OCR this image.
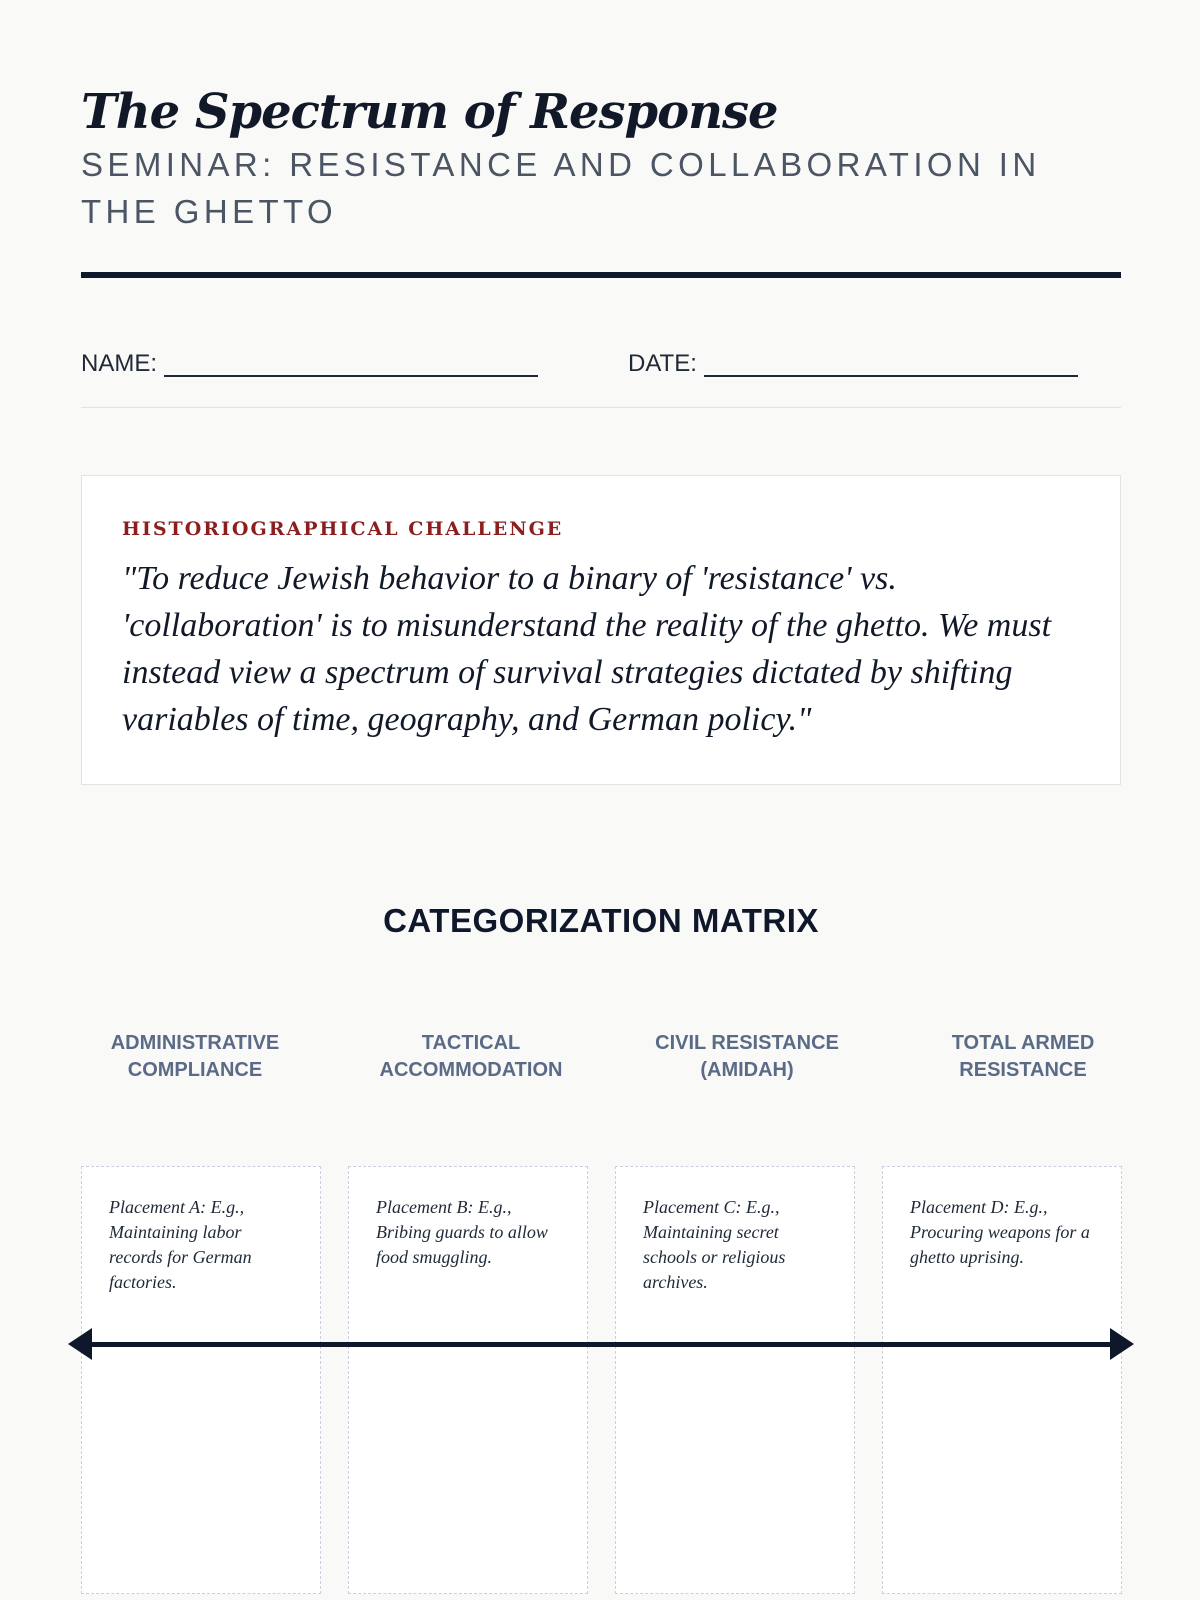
The Spectrum of Response
SEMINAR: RESISTANCE AND COLLABORATION IN THE GHETTO
NAME:	DATE:
HISTORIOGRAPHICAL CHALLENGE

"To reduce Jewish behavior to a binary of 'resistance' vs. 'collaboration' is to misunderstand the reality of the ghetto. We must instead view a spectrum of survival strategies dictated by shifting variables of time, geography, and German policy."

CATEGORIZATION MATRIX
ADMINISTRATIVE COMPLIANCE
TACTICAL ACCOMMODATION
CIVIL RESISTANCE (AMIDAH)
TOTAL ARMED RESISTANCE

Placement A: E.g., Maintaining labor records for German factories.

Placement B: E.g., Bribing guards to allow food smuggling.

Placement C: E.g., Maintaining secret schools or religious archives.

Placement D: E.g., Procuring weapons for a ghetto uprising.
